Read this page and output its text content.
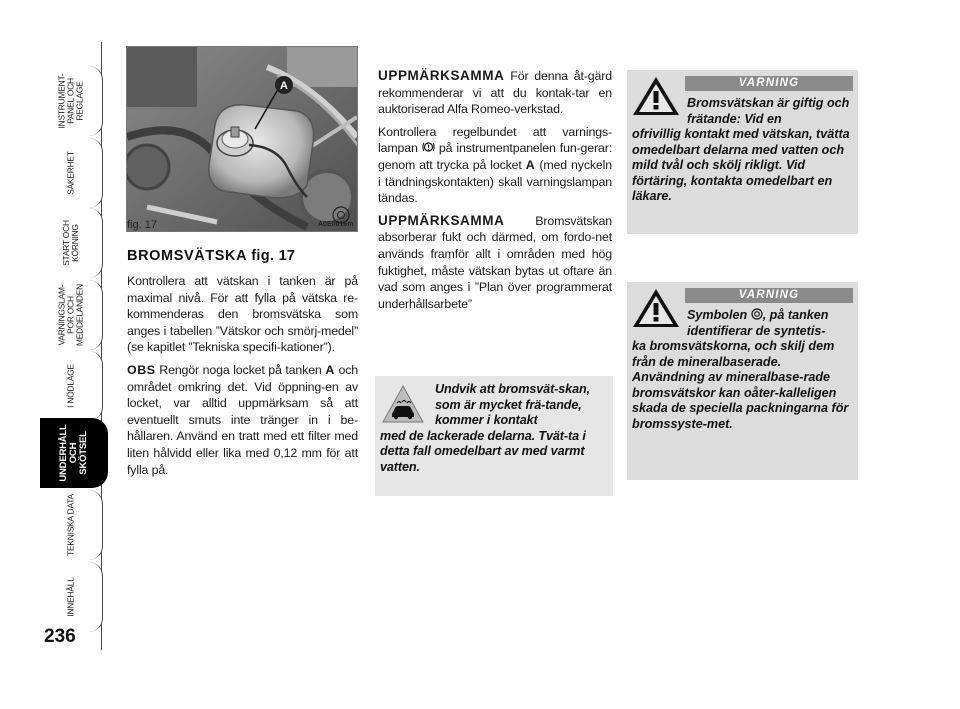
INSTRUMENT-
PANEL OCH
REGLAGE
SÄKERHET
START OCH
KÖRNING
VARNINGSLAM-
POR OCH
MEDDELANDEN
I NÖDLÄGE
UNDERHÅLL
OCH SKÖTSEL
TEKNISKA DATA
INNEHÅLL
236
A
fig. 17	A0E0016m
BROMSVÄTSKA fig. 17

Kontrollera att vätskan i tanken är på maximal nivå. För att fylla på vätska re-kommenderas den bromsvätska som anges i tabellen ”Vätskor och smörj-medel” (se kapitlet ”Tekniska specifi-kationer”).

OBS Rengör noga locket på tanken A och området omkring det. Vid öppning-en av locket, var alltid uppmärksam så att eventuellt smuts inte tränger in i be-hållaren. Använd en tratt med ett filter med liten hålvidd eller lika med 0,12 mm för att fylla på.

UPPMÄRKSAMMA För denna åt-gärd rekommenderar vi att du kontak-tar en auktoriserad Alfa Romeo-verkstad.

Kontrollera regelbundet att varnings-lampan på instrumentpanelen fun-gerar: genom att trycka på locket A (med nyckeln i tändningskontakten) skall varningslampan tändas.

UPPMÄRKSAMMA Bromsvätskan absorberar fukt och därmed, om fordo-net används framför allt i områden med hög fuktighet, måste vätskan bytas ut oftare än vad som anges i ”Plan över programmerat underhållsarbete”

Undvik att bromsvät-skan, som är mycket frä-tande, kommer i kontakt
med de lackerade delarna. Tvät-ta i detta fall omedelbart av med varmt vatten.
VARNING
Bromsvätskan är giftig och frätande: Vid en
ofrivillig kontakt med vätskan, tvätta omedelbart delarna med vatten och mild tvål och skölj rikligt. Vid förtäring, kontakta omedelbart en läkare.
VARNING
Symbolen , på tanken identifierar de syntetis-
ka bromsvätskorna, och skilj dem från de mineralbaserade. Användning av mineralbase-rade bromsvätskor kan oåter-kalleligen skada de speciella packningarna för bromssyste-met.
